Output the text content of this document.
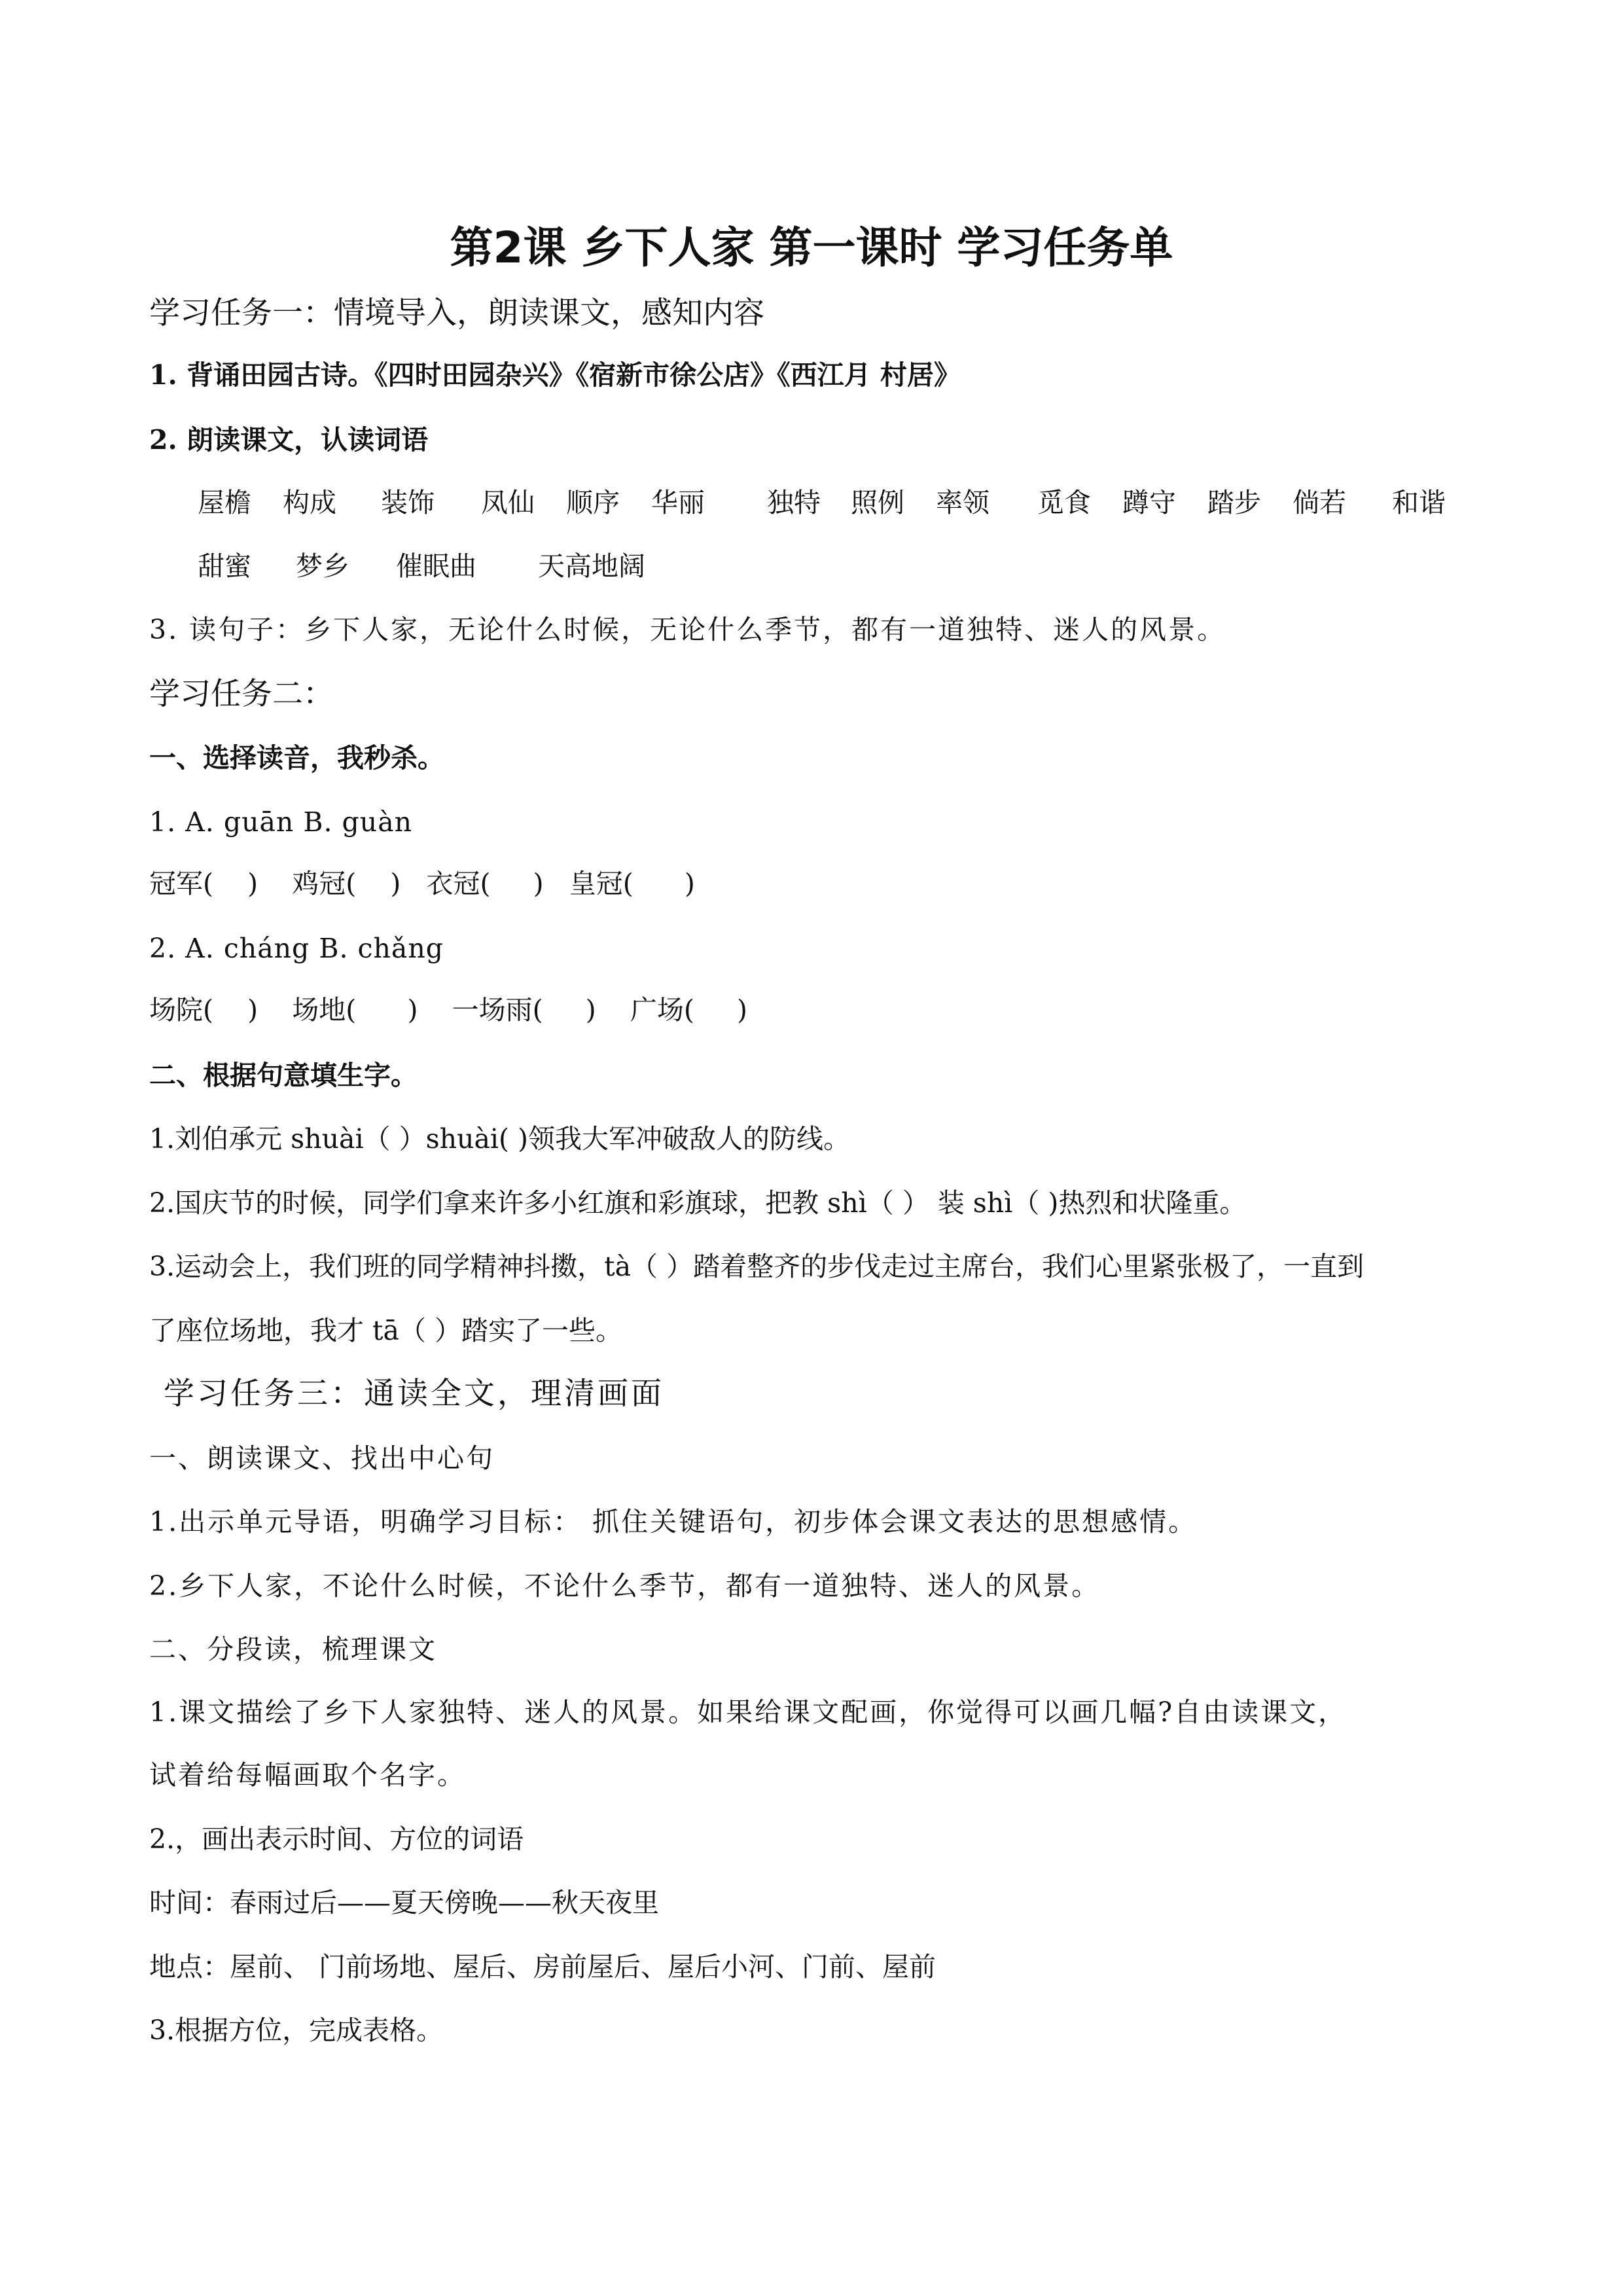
第2课 乡下人家 第一课时 学习任务单
学习任务一：情境导入，朗读课文，感知内容
1. 背诵田园古诗。《四时田园杂兴》《宿新市徐公店》《西江月 村居》
2. 朗读课文，认读词语
屋檐 构成 装饰 凤仙 顺序 华丽 独特 照例 率领 觅食 蹲守 踏步 倘若 和谐
甜蜜 梦乡 催眠曲 天高地阔
3. 读句子：乡下人家，无论什么时候，无论什么季节，都有一道独特、迷人的风景。
学习任务二：
一、选择读音，我秒杀。
1. A. guān B. guàn
冠军(    )    鸡冠(    )   衣冠(     )   皇冠(      )
2. A. cháng B. chǎng
场院(    )    场地(      )    一场雨(     )    广场(     )
二、根据句意填生字。
1.刘伯承元 shuài（ ）shuài( )领我大军冲破敌人的防线。
2.国庆节的时候，同学们拿来许多小红旗和彩旗球，把教 shì（ ） 装 shì（ )热烈和状隆重。
3.运动会上，我们班的同学精神抖擞，tà（ ）踏着整齐的步伐走过主席台，我们心里紧张极了，一直到
了座位场地，我才 tā（ ）踏实了一些。
学习任务三：通读全文，理清画面
一、朗读课文、找出中心句
1.出示单元导语，明确学习目标： 抓住关键语句，初步体会课文表达的思想感情。
2.乡下人家，不论什么时候，不论什么季节，都有一道独特、迷人的风景。
二、分段读，梳理课文
1.课文描绘了乡下人家独特、迷人的风景。如果给课文配画，你觉得可以画几幅?自由读课文，
试着给每幅画取个名字。
2.，画出表示时间、方位的词语
时间：春雨过后——夏天傍晚——秋天夜里
地点：屋前、 门前场地、屋后、房前屋后、屋后小河、门前、屋前
3.根据方位，完成表格。
